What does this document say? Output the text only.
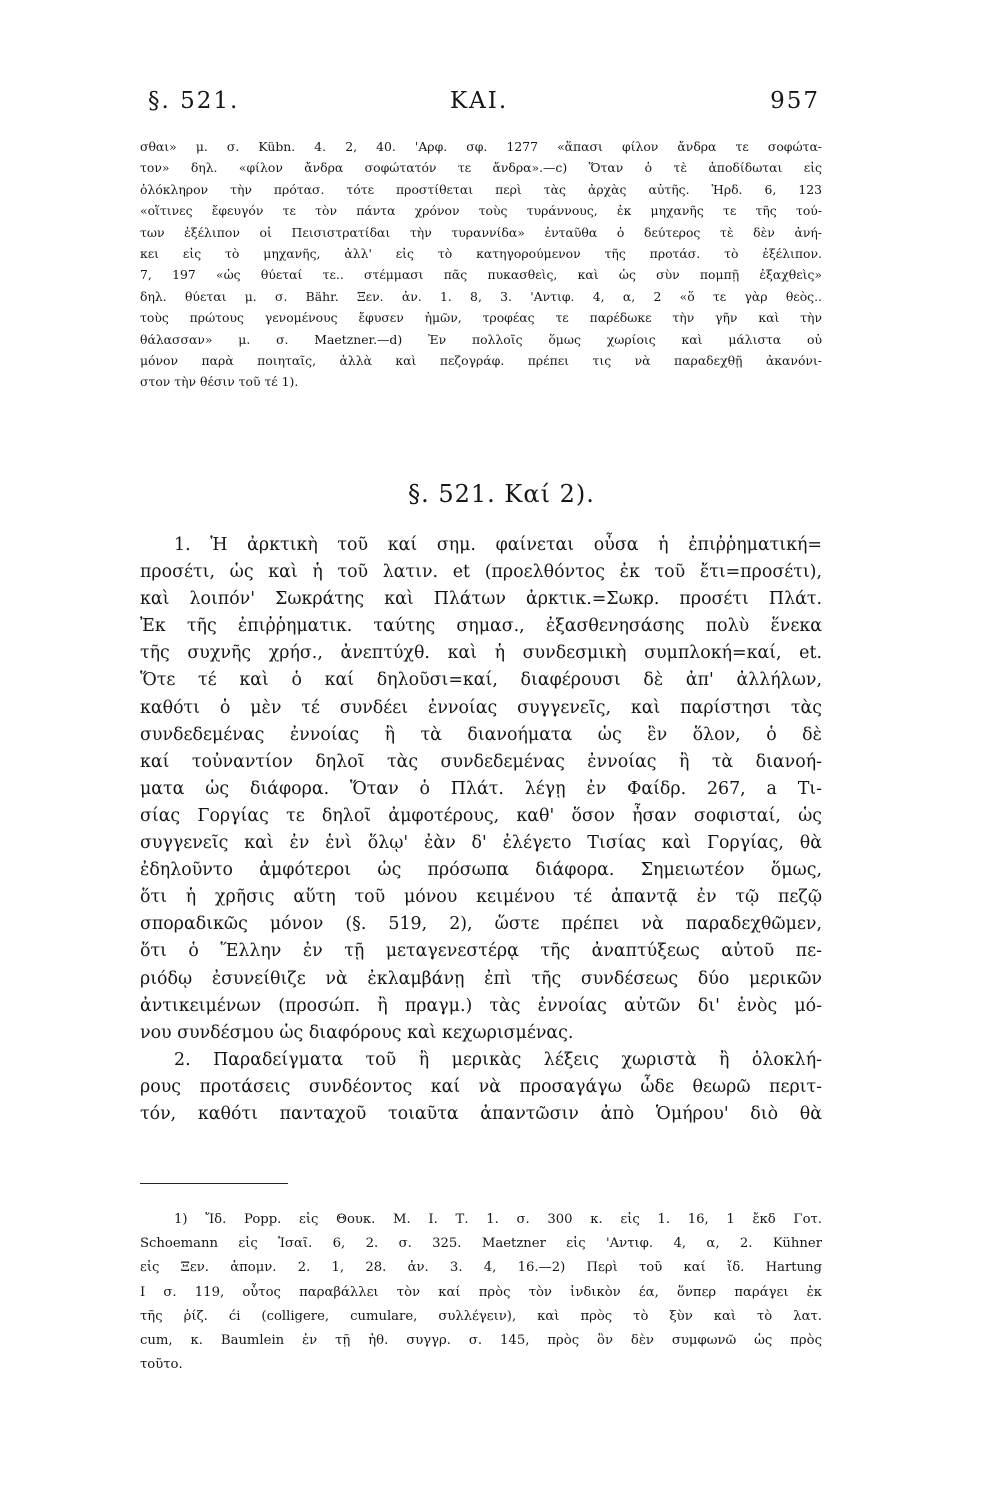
§. 521.	ΚΑΙ.	957
σθαι» μ. σ. Kübn. 4. 2, 40. 'Αρφ. σφ. 1277 «ἅπασι φίλον ἄνδρα τε σοφώτα-
τον» δηλ. «φίλον ἄνδρα σοφώτατόν τε ἄνδρα».—c) Ὅταν ὁ τὲ ἀποδίδωται εἰς
ὁλόκληρον τὴν πρότασ. τότε προστίθεται περὶ τὰς ἀρχὰς αὐτῆς. Ἡρδ. 6, 123
«οἵτινες ἔφευγόν τε τὸν πάντα χρόνον τοὺς τυράννους, ἐκ μηχανῆς τε τῆς τού-
των ἐξέλιπον οἱ Πεισιστρατίδαι τὴν τυραννίδα» ἐνταῦθα ὁ δεύτερος τὲ δὲν ἀνή-
κει εἰς τὸ μηχανῆς, ἀλλ' εἰς τὸ κατηγορούμενον τῆς προτάσ. τὸ ἐξέλιπον.
7, 197 «ὡς θύεταί τε.. στέμμασι πᾶς πυκασθεὶς, καὶ ὡς σὺν πομπῇ ἐξαχθεὶς»
δηλ. θύεται μ. σ. Bähr. Ξεν. ἀν. 1. 8, 3. 'Αντιφ. 4, α, 2 «ὅ τε γὰρ θεὸς..
τοὺς πρώτους γενομένους ἔφυσεν ἡμῶν, τροφέας τε παρέδωκε τὴν γῆν καὶ τὴν
θάλασσαν» μ. σ. Maetzner.—d) Ἐν πολλοῖς ὅμως χωρίοις καὶ μάλιστα οὐ
μόνον παρὰ ποιηταῖς, ἀλλὰ καὶ πεζογράφ. πρέπει τις νὰ παραδεχθῇ ἀκανόνι-
στον τὴν θέσιν τοῦ τέ 1).
§. 521. Καί 2).
1. Ἡ ἀρκτικὴ τοῦ καί σημ. φαίνεται οὖσα ἡ ἐπιῤῥηματική=
προσέτι, ὡς καὶ ἡ τοῦ λατιν. et (προελθόντος ἐκ τοῦ ἔτι=προσέτι),
καὶ λοιπόν' Σωκράτης καὶ Πλάτων ἀρκτικ.=Σωκρ. προσέτι Πλάτ.
Ἐκ τῆς ἐπιῤῥηματικ. ταύτης σημασ., ἐξασθενησάσης πολὺ ἕνεκα
τῆς συχνῆς χρήσ., ἀνεπτύχθ. καὶ ἡ συνδεσμικὴ συμπλοκή=καί, et.
Ὅτε τέ καὶ ὁ καί δηλοῦσι=καί, διαφέρουσι δὲ ἀπ' ἀλλήλων,
καθότι ὁ μὲν τέ συνδέει ἐννοίας συγγενεῖς, καὶ παρίστησι τὰς
συνδεδεμένας ἐννοίας ἢ τὰ διανοήματα ὡς ἓν ὅλον, ὁ δὲ
καί τοὐναντίον δηλοῖ τὰς συνδεδεμένας ἐννοίας ἢ τὰ διανοή-
ματα ὡς διάφορα. Ὅταν ὁ Πλάτ. λέγῃ ἐν Φαίδρ. 267, a Τι-
σίας Γοργίας τε δηλοῖ ἀμφοτέρους, καθ' ὅσον ἦσαν σοφισταί, ὡς
συγγενεῖς καὶ ἐν ἑνὶ ὅλῳ' ἐὰν δ' ἐλέγετο Τισίας καὶ Γοργίας, θὰ
ἐδηλοῦντο ἀμφότεροι ὡς πρόσωπα διάφορα. Σημειωτέον ὅμως,
ὅτι ἡ χρῆσις αὕτη τοῦ μόνου κειμένου τέ ἀπαντᾷ ἐν τῷ πεζῷ
σποραδικῶς μόνον (§. 519, 2), ὥστε πρέπει νὰ παραδεχθῶμεν,
ὅτι ὁ Ἕλλην ἐν τῇ μεταγενεστέρᾳ τῆς ἀναπτύξεως αὐτοῦ πε-
ριόδῳ ἐσυνείθιζε νὰ ἐκλαμβάνῃ ἐπὶ τῆς συνδέσεως δύο μερικῶν
ἀντικειμένων (προσώπ. ἢ πραγμ.) τὰς ἐννοίας αὐτῶν δι' ἑνὸς μό-
νου συνδέσμου ὡς διαφόρους καὶ κεχωρισμένας.
2. Παραδείγματα τοῦ ἢ μερικὰς λέξεις χωριστὰ ἢ ὁλοκλή-
ρους προτάσεις συνδέοντος καί νὰ προσαγάγω ὧδε θεωρῶ περιτ-
τόν, καθότι πανταχοῦ τοιαῦτα ἀπαντῶσιν ἀπὸ Ὁμήρου' διὸ θὰ
1) Ἴδ. Popp. εἰς Θουκ. Μ. Ι. Τ. 1. σ. 300 κ. εἰς 1. 16, 1 ἔκδ Γοτ.
Schoemann εἰς Ἰσαῖ. 6, 2. σ. 325. Maetzner εἰς 'Αντιφ. 4, α, 2. Kühner
εἰς Ξεν. ἀπομν. 2. 1, 28. ἀν. 3. 4, 16.—2) Περὶ τοῦ καί ἴδ. Hartung
Ι σ. 119, οὗτος παραβάλλει τὸν καί πρὸς τὸν ἰνδικὸν έα, ὅνπερ παράγει ἐκ
τῆς ῥίζ. ći (colligere, cumulare, συλλέγειν), καὶ πρὸς τὸ ξὺν καὶ τὸ λατ.
cum, κ. Baumlein ἐν τῇ ἠθ. συγγρ. σ. 145, πρὸς ὃν δὲν συμφωνῶ ὡς πρὸς
τοῦτο.
